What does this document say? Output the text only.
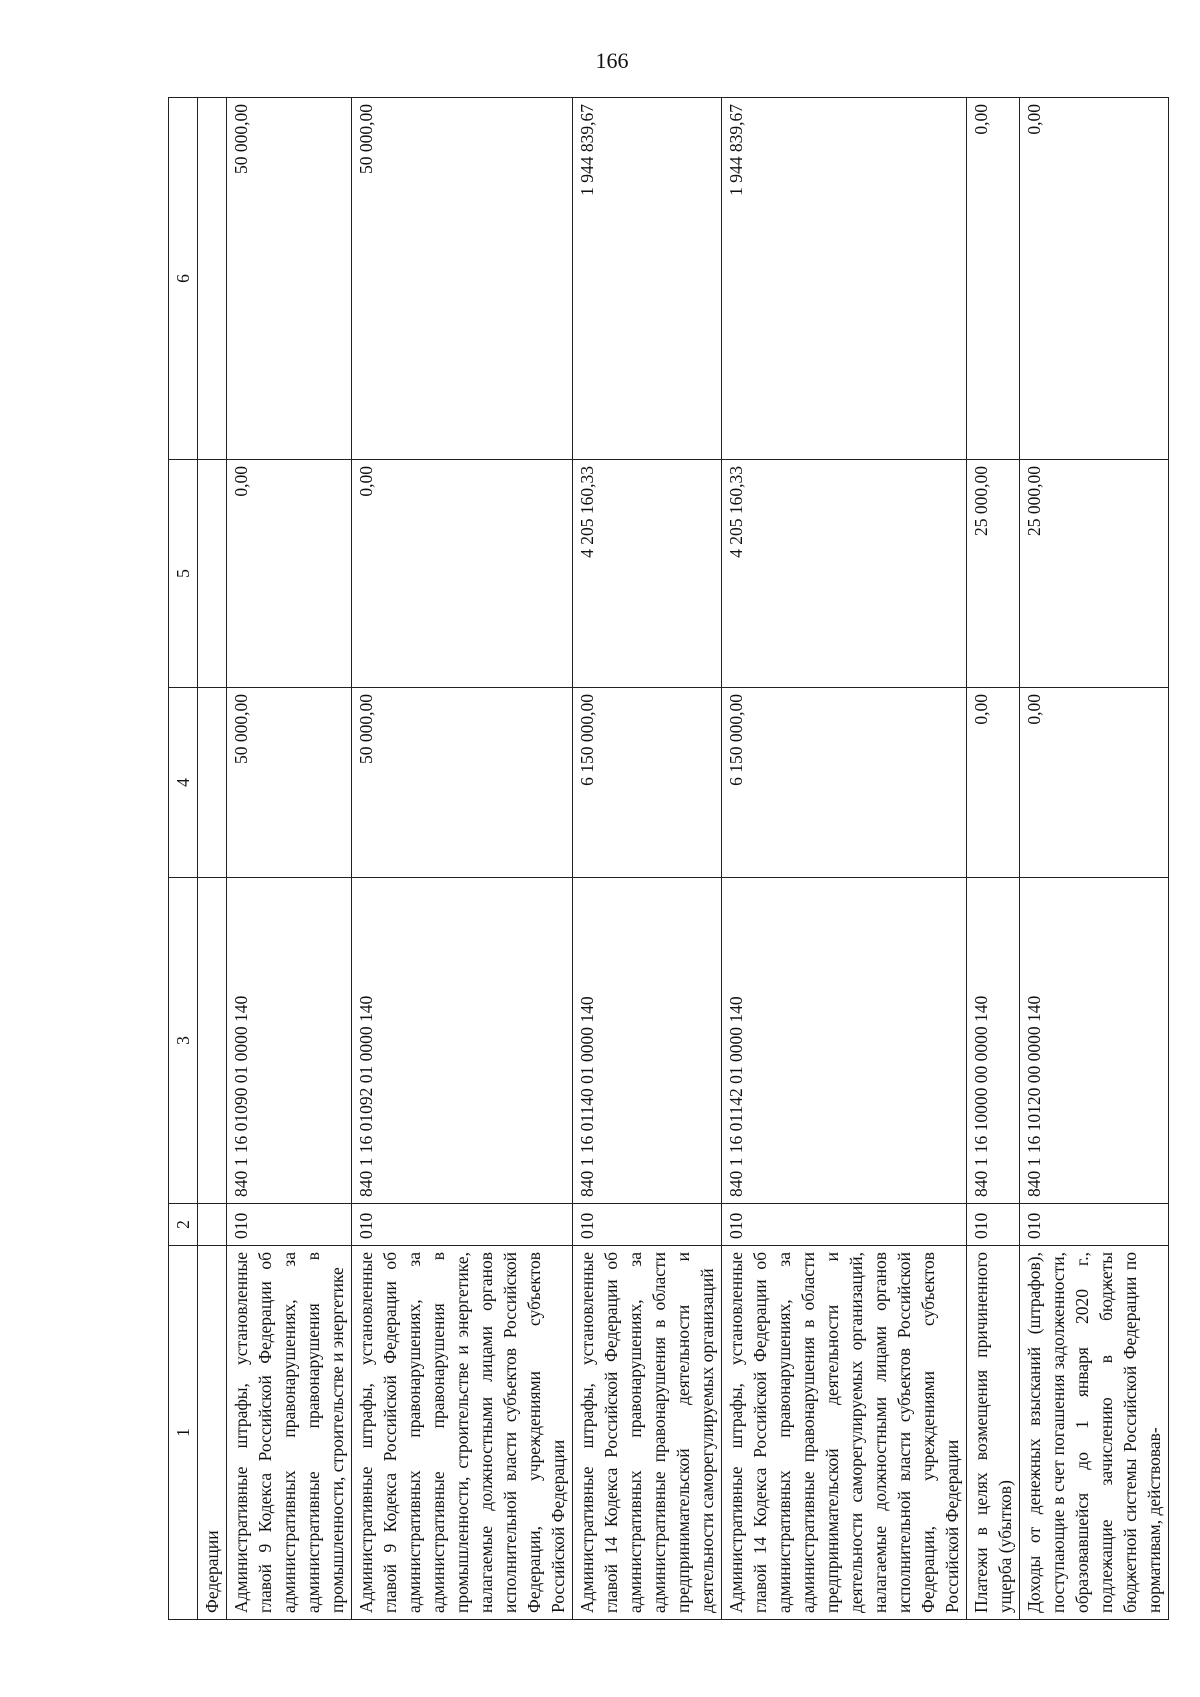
166
1	2	3	4	5	6
Федерации					
Административные штрафы, установленные главой 9 Кодекса Российской Федерации об административных правонарушениях, за административные правонарушения в промышленности, строительстве и энергетике	010	840 1 16 01090 01 0000 140	50 000,00	0,00	50 000,00
Административные штрафы, установленные главой 9 Кодекса Российской Федерации об административных правонарушениях, за административные правонарушения в промышленности, строительстве и энергетике, налагаемые должностными лицами органов исполнительной власти субъектов Российской Федерации, учреждениями субъектов Российской Федерации	010	840 1 16 01092 01 0000 140	50 000,00	0,00	50 000,00
Административные штрафы, установленные главой 14 Кодекса Российской Федерации об административных правонарушениях, за административные правонарушения в области предпринимательской деятельности и деятельности саморегулируемых организаций	010	840 1 16 01140 01 0000 140	6 150 000,00	4 205 160,33	1 944 839,67
Административные штрафы, установленные главой 14 Кодекса Российской Федерации об административных правонарушениях, за административные правонарушения в области предпринимательской деятельности и деятельности саморегулируемых организаций, налагаемые должностными лицами органов исполнительной власти субъектов Российской Федерации, учреждениями субъектов Российской Федерации	010	840 1 16 01142 01 0000 140	6 150 000,00	4 205 160,33	1 944 839,67
Платежи в целях возмещения причиненного ущерба (убытков)	010	840 1 16 10000 00 0000 140	0,00	25 000,00	0,00
Доходы от денежных взысканий (штрафов), поступающие в счет погашения задолженности, образовавшейся до 1 января 2020 г., подлежащие зачислению в бюджеты бюджетной системы Российской Федерации по нормативам, действовав-	010	840 1 16 10120 00 0000 140	0,00	25 000,00	0,00
